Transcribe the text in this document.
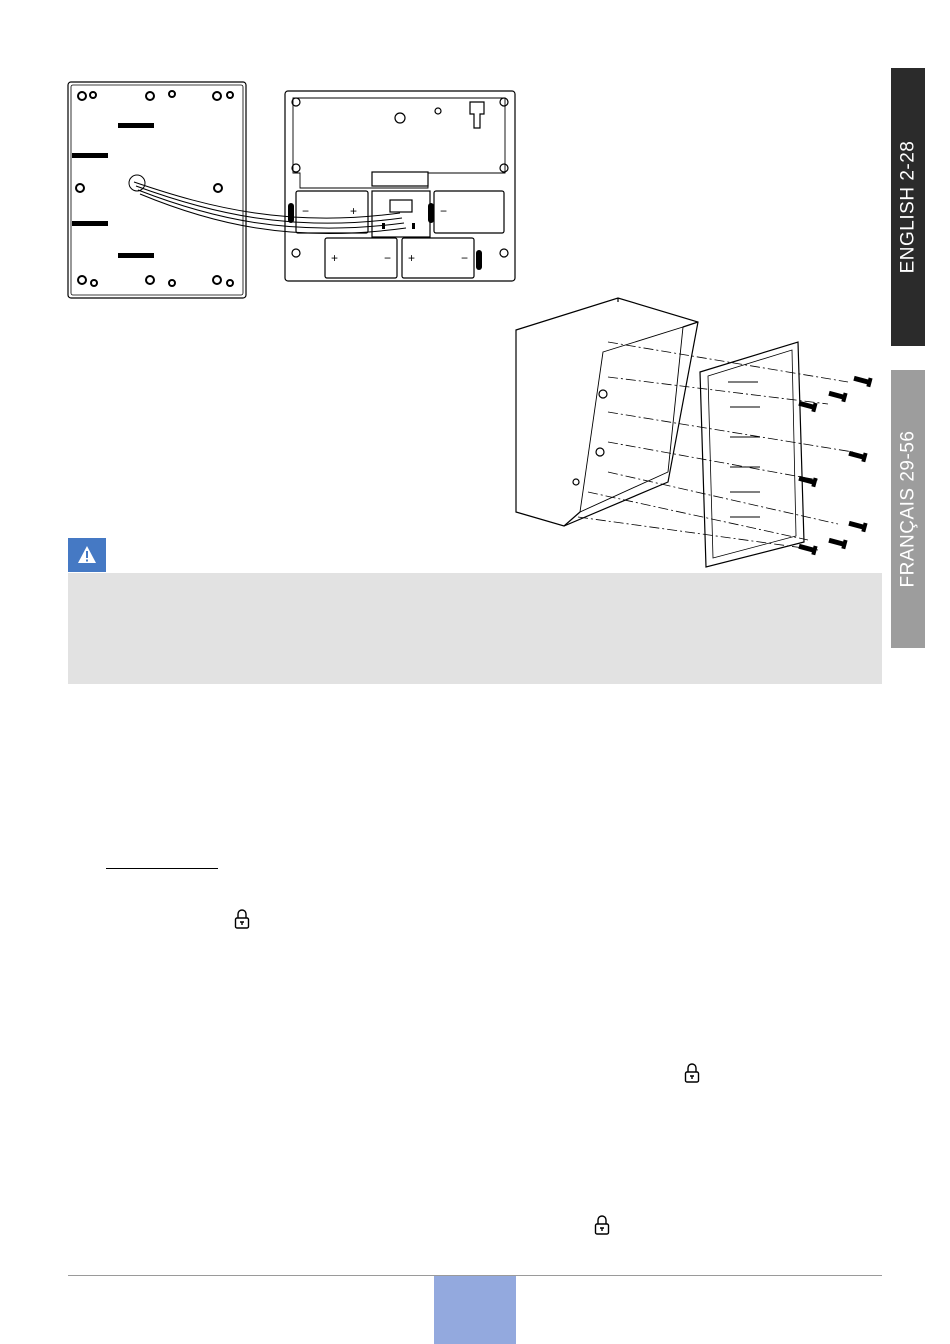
ENGLISH 2-28
FRANÇAIS 29-56
−	+	−
+	− +	−
